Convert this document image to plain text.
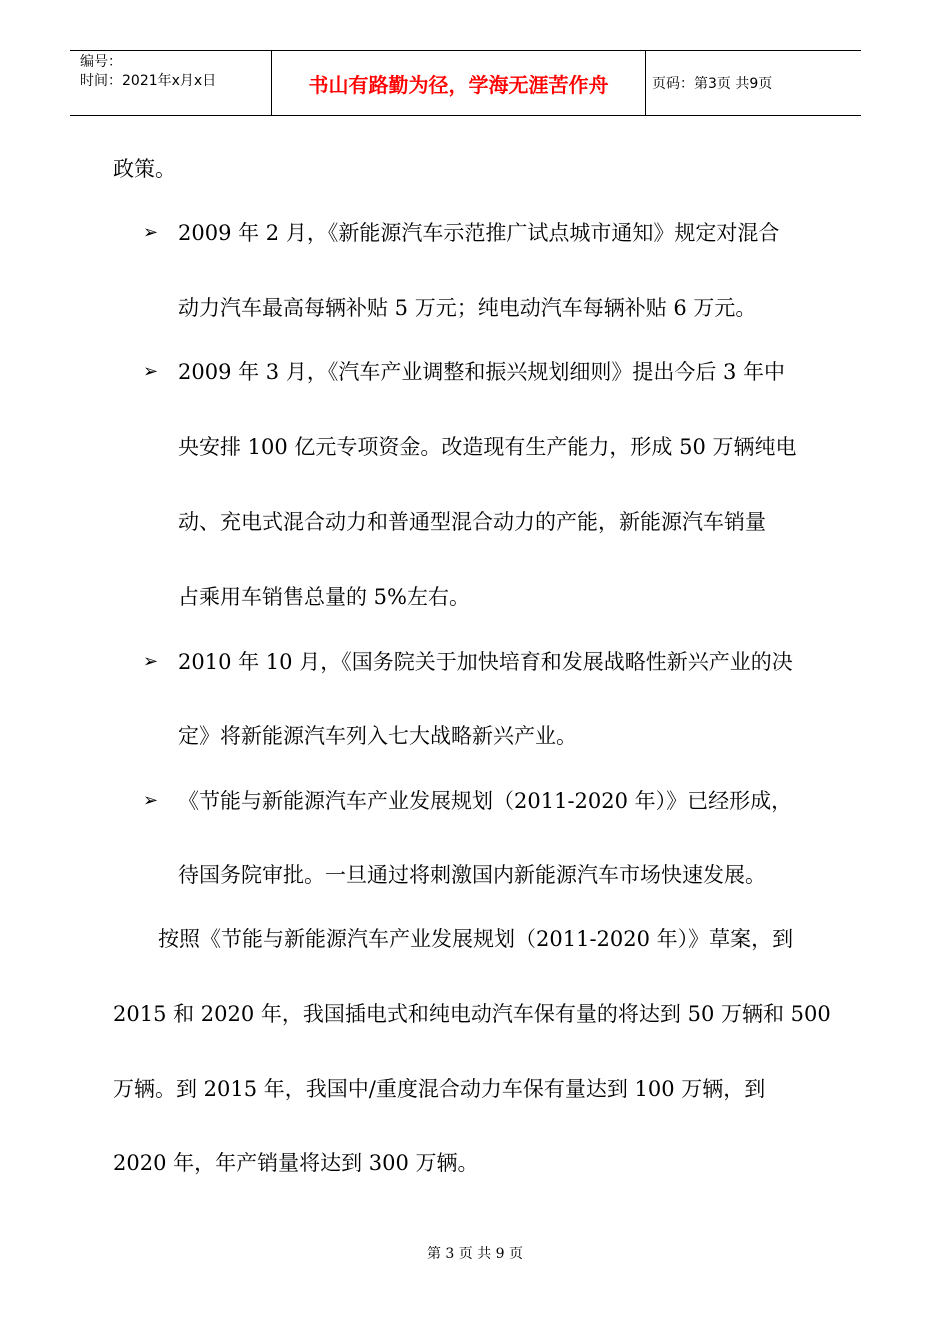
编号：
时间：2021年x月x日	书山有路勤为径，学海无涯苦作舟	页码：第3页 共9页
政策。
➢ 2009 年 2 月，《新能源汽车示范推广试点城市通知》规定对混合
动力汽车最高每辆补贴 5 万元；纯电动汽车每辆补贴 6 万元。
➢ 2009 年 3 月，《汽车产业调整和振兴规划细则》提出今后 3 年中
央安排 100 亿元专项资金。改造现有生产能力，形成 50 万辆纯电
动、充电式混合动力和普通型混合动力的产能，新能源汽车销量
占乘用车销售总量的 5%左右。
➢ 2010 年 10 月，《国务院关于加快培育和发展战略性新兴产业的决
定》将新能源汽车列入七大战略新兴产业。
➢ 《节能与新能源汽车产业发展规划（2011-2020 年）》已经形成，
待国务院审批。一旦通过将刺激国内新能源汽车市场快速发展。
按照《节能与新能源汽车产业发展规划（2011-2020 年）》草案，到
2015 和 2020 年，我国插电式和纯电动汽车保有量的将达到 50 万辆和 500
万辆。到 2015 年，我国中/重度混合动力车保有量达到 100 万辆，到
2020 年，年产销量将达到 300 万辆。
第 3 页 共 9 页
